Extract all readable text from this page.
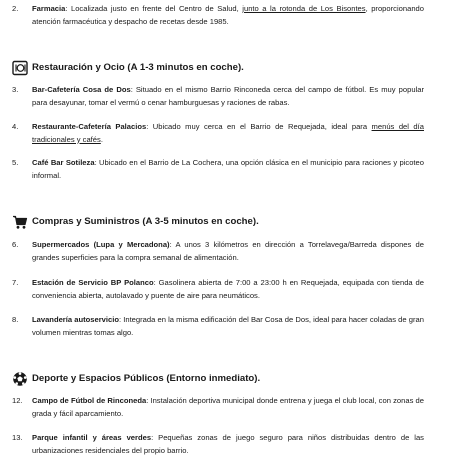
2.	Farmacia: Localizada justo en frente del Centro de Salud, junto a la rotonda de Los Bisontes, proporcionando atención farmacéutica y despacho de recetas desde 1985.
Restauración y Ocio (A 1-3 minutos en coche).
3.	Bar-Cafetería Cosa de Dos: Situado en el mismo Barrio Rinconeda cerca del campo de fútbol. Es muy popular para desayunar, tomar el vermú o cenar hamburguesas y raciones de rabas.
4.	Restaurante-Cafetería Palacios: Ubicado muy cerca en el Barrio de Requejada, ideal para menús del día tradicionales y cafés.
5.	Café Bar Sotileza: Ubicado en el Barrio de La Cochera, una opción clásica en el municipio para raciones y picoteo informal.
Compras y Suministros (A 3-5 minutos en coche).
6.	Supermercados (Lupa y Mercadona): A unos 3 kilómetros en dirección a Torrelavega/Barreda dispones de grandes superficies para la compra semanal de alimentación.
7.	Estación de Servicio BP Polanco: Gasolinera abierta de 7:00 a 23:00 h en Requejada, equipada con tienda de conveniencia abierta, autolavado y puente de aire para neumáticos.
8.	Lavandería autoservicio: Integrada en la misma edificación del Bar Cosa de Dos, ideal para hacer coladas de gran volumen mientras tomas algo.
Deporte y Espacios Públicos (Entorno inmediato).
12.	Campo de Fútbol de Rinconeda: Instalación deportiva municipal donde entrena y juega el club local, con zonas de grada y fácil aparcamiento.
13.	Parque infantil y áreas verdes: Pequeñas zonas de juego seguro para niños distribuidas dentro de las urbanizaciones residenciales del propio barrio.
